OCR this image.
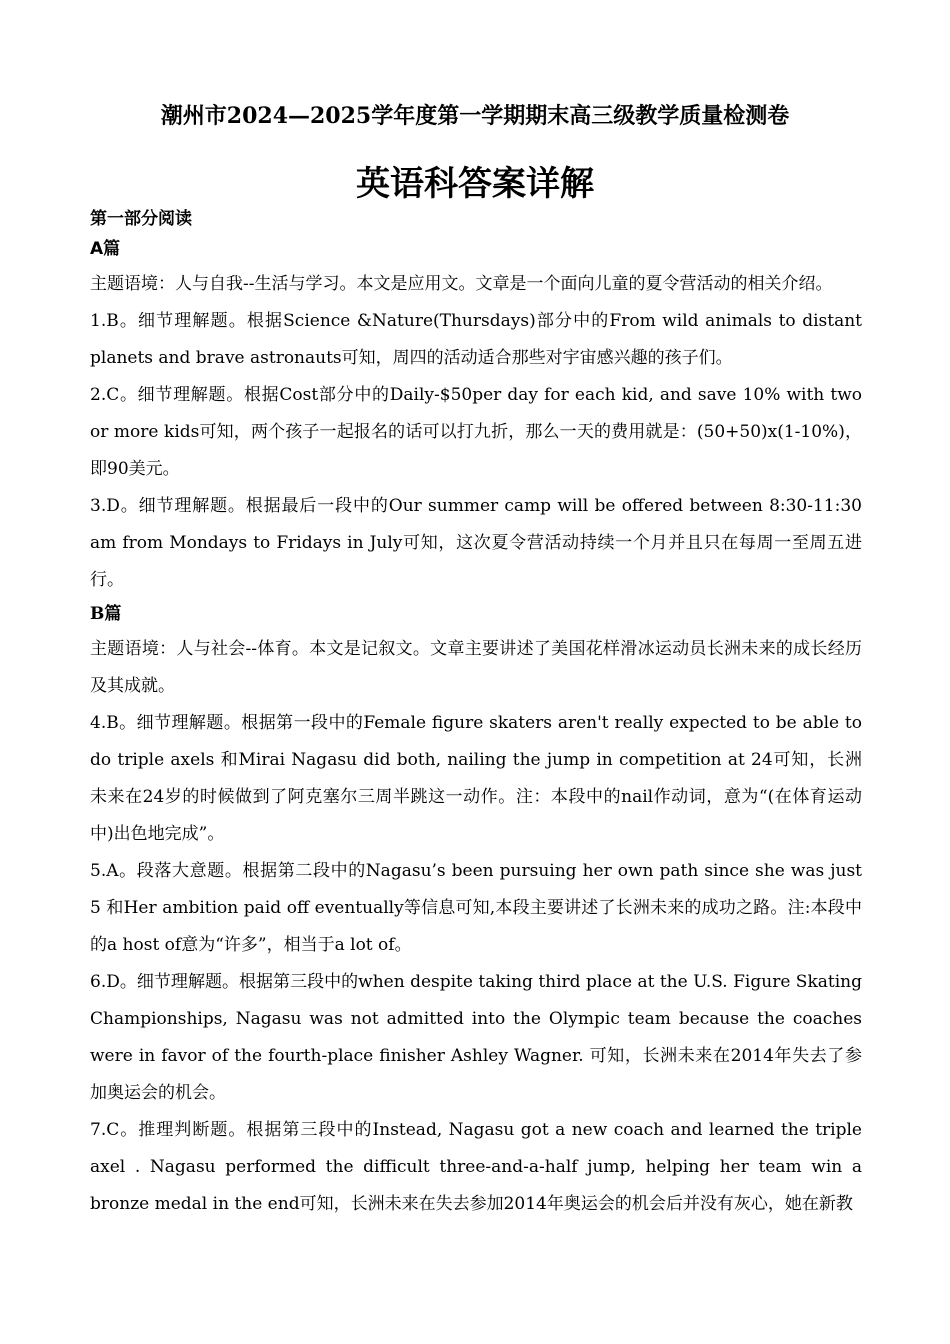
潮州市2024—2025学年度第一学期期末高三级教学质量检测卷
英语科答案详解

第一部分阅读

A篇

主题语境：人与自我--生活与学习。本文是应用文。文章是一个面向儿童的夏令营活动的相关介绍。

1.B。细节理解题。根据Science &Nature(Thursdays)部分中的From wild animals to distant planets and brave astronauts可知，周四的活动适合那些对宇宙感兴趣的孩子们。

2.C。细节理解题。根据Cost部分中的Daily-$50per day for each kid, and save 10% with two or more kids可知，两个孩子一起报名的话可以打九折，那么一天的费用就是：(50+50)x(1-10%)，即90美元。

3.D。细节理解题。根据最后一段中的Our summer camp will be offered between 8:30-11:30 am from Mondays to Fridays in July可知，这次夏令营活动持续一个月并且只在每周一至周五进行。

B篇

主题语境：人与社会--体育。本文是记叙文。文章主要讲述了美国花样滑冰运动员长洲未来的成长经历及其成就。

4.B。细节理解题。根据第一段中的Female figure skaters aren't really expected to be able to do triple axels 和Mirai Nagasu did both, nailing the jump in competition at 24可知，长洲未来在24岁的时候做到了阿克塞尔三周半跳这一动作。注：本段中的nail作动词，意为“(在体育运动中)出色地完成”。

5.A。段落大意题。根据第二段中的Nagasu’s been pursuing her own path since she was just 5 和Her ambition paid off eventually等信息可知,本段主要讲述了长洲未来的成功之路。注:本段中的a host of意为“许多”，相当于a lot of。

6.D。细节理解题。根据第三段中的when despite taking third place at the U.S. Figure Skating Championships, Nagasu was not admitted into the Olympic team because the coaches were in favor of the fourth-place finisher Ashley Wagner. 可知，长洲未来在2014年失去了参加奥运会的机会。

7.C。推理判断题。根据第三段中的Instead, Nagasu got a new coach and learned the triple axel . Nagasu performed the difficult three-and-a-half jump, helping her team win a bronze medal in the end可知，长洲未来在失去参加2014年奥运会的机会后并没有灰心，她在新教
